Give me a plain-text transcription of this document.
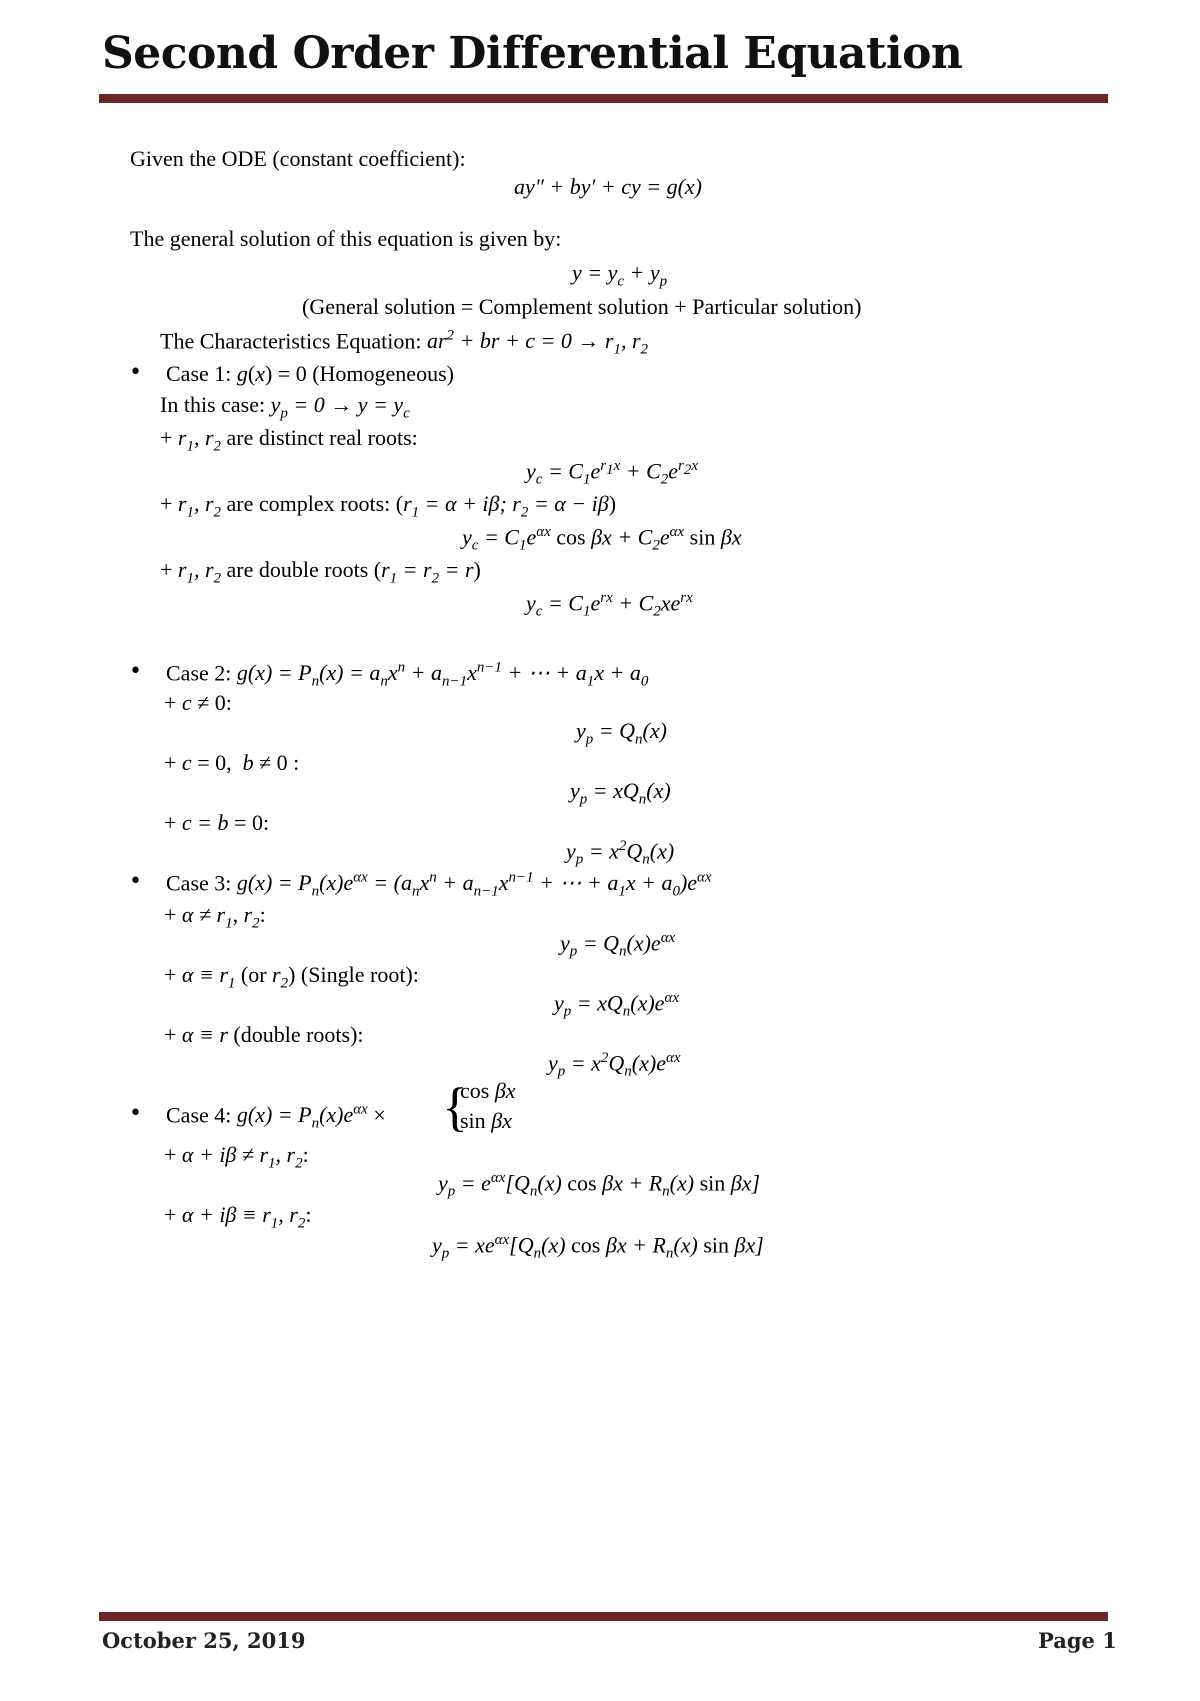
Second Order Differential Equation
Given the ODE (constant coefficient):
ay″ + by′ + cy = g(x)
The general solution of this equation is given by:
$y = y_c + y_p$
(General solution = Complement solution + Particular solution)
The Characteristics Equation: $ar^2$ + br + $c = 0 \to r_1$, $r_2$
• Case 1: g(x) = 0 (Homogeneous)
In this case: $y_p = 0 \to y = y_c$
+ $r_1$, $r_2$ are distinct real roots:
$y_c = C_1e^{r_1x} + C_2e^{r_2x}$
+ $r_1$, $r_2$ are complex roots: ($r_1 = \alpha + i\beta$; $r_2 = \alpha - i\beta$)
$y_c = C_1e^{\alpha x}$ $\cos \beta x + C_2e^{\alpha x}$ sin βx
+ $r_1$, $r_2$ are double roots $(r_1 = r_2 = r)$
$y_c = C_1e^{rx} + C_2xe^{rx}$
• Case 2: $g(x) = P_n(x) = a_nx^n + a_{n-1}x^{n-1}$ + ⋯ + $a_1x + a_0$
+ c ≠ 0:
$y_p = Q_n(x)$
+ c = 0,  b ≠ 0 :
$y_p = xQ_n(x)$
+ c = b = 0:
$y_p = x^2Q_n(x)$
• Case 3: $g(x) = P_n(x)e^{\alpha x} = (a_nx^n + a_{n-1}x^{n-1}$ + ⋯ + $a_1x + a_0)e^{\alpha x}$
+ $\alpha \ne r_1$, $r_2$:
$y_p = Q_n(x)e^{\alpha x}$
+ $\alpha \equiv r_1$ (or $r_2$) (Single root):
$y_p = xQ_n(x)e^{\alpha x}$
+ α ≡ r (double roots):
$y_p = x^2Q_n(x)e^{\alpha x}$
• Case 4: $g(x) = P_n(x)e^{\alpha x}$ × {
cos βx
sin βx
+ $\alpha + i\beta \ne r_1$, $r_2$:
$y_p = e^{\alpha x}[Q_n(x)$ $\cos \beta x + R_n(x)$ sin βx]
+ $\alpha + i\beta \equiv r_1$, $r_2$:
$y_p = xe^{\alpha x}[Q_n(x)$ $\cos \beta x + R_n(x)$ sin βx]
October 25, 2019	Page 1
